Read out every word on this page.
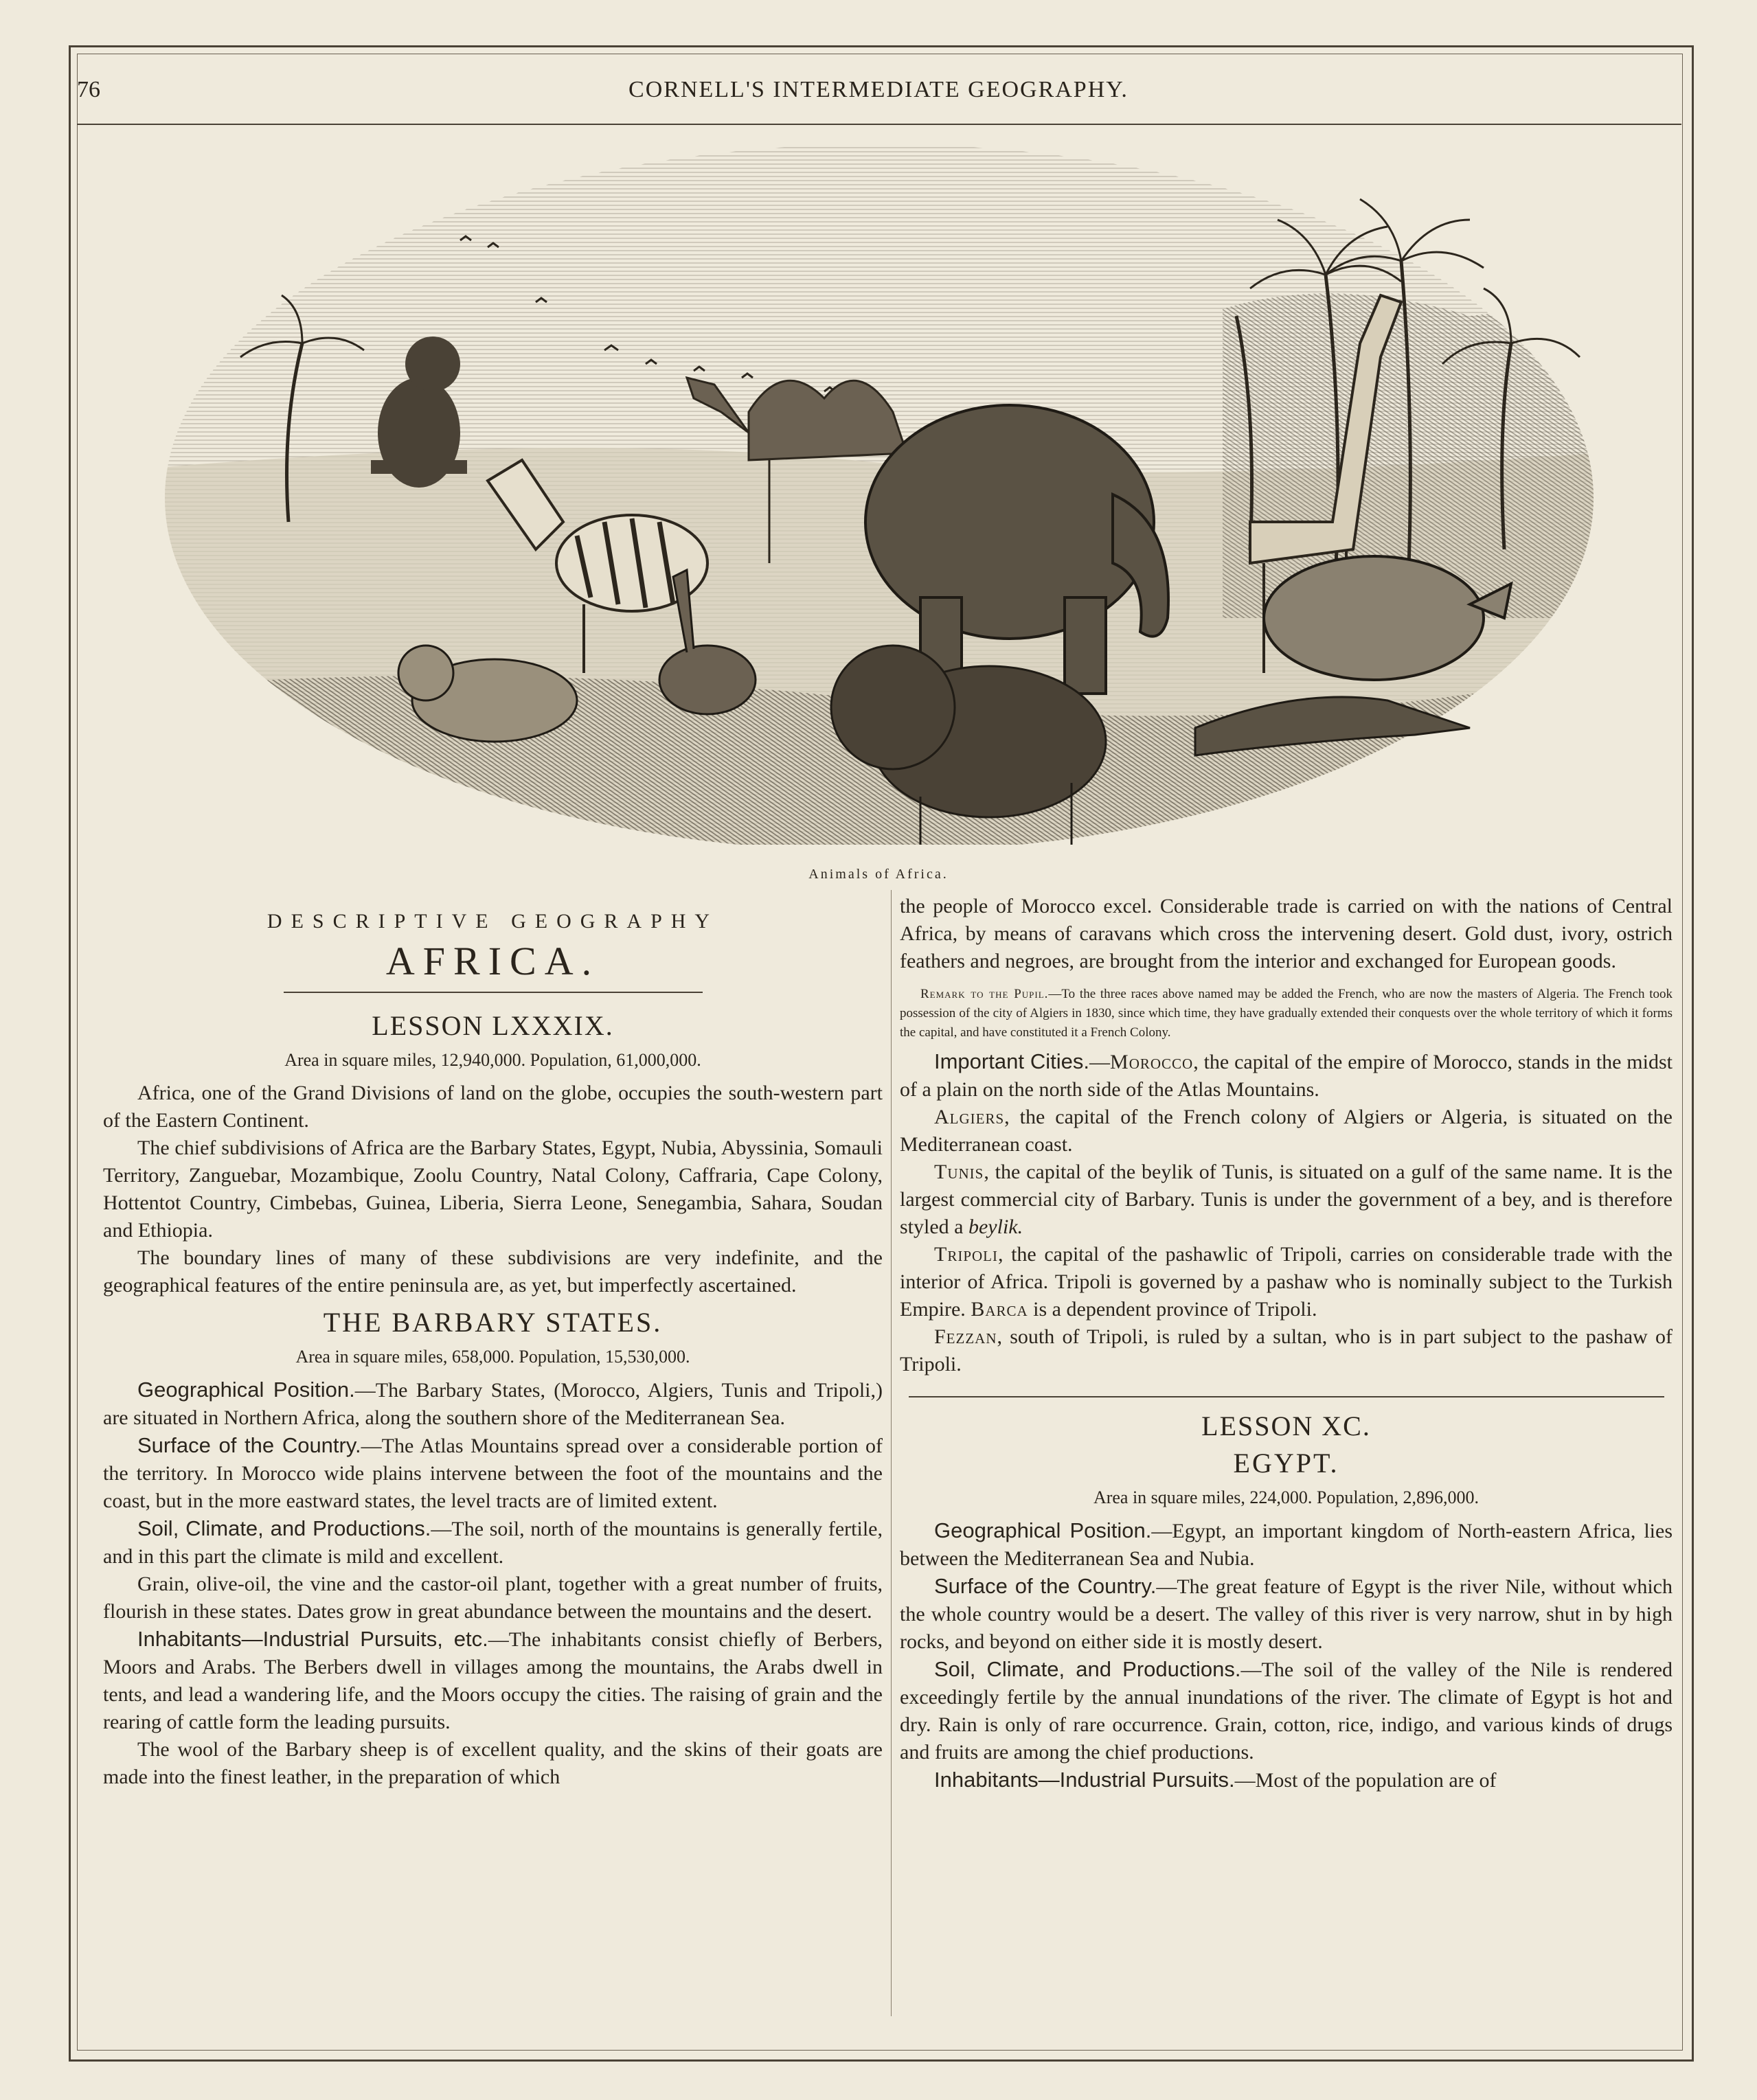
76	CORNELL'S INTERMEDIATE GEOGRAPHY.
Animals of Africa.
DESCRIPTIVE GEOGRAPHY
AFRICA.
LESSON LXXXIX.
Area in square miles, 12,940,000. Population, 61,000,000.

Africa, one of the Grand Divisions of land on the globe, occupies the south-western part of the Eastern Continent.

The chief subdivisions of Africa are the Barbary States, Egypt, Nubia, Abyssinia, Somauli Territory, Zanguebar, Mozambique, Zoolu Country, Natal Colony, Caffraria, Cape Colony, Hottentot Country, Cimbebas, Guinea, Liberia, Sierra Leone, Senegambia, Sahara, Soudan and Ethiopia.

The boundary lines of many of these subdivisions are very indefinite, and the geographical features of the entire peninsula are, as yet, but imperfectly ascertained.

THE BARBARY STATES.
Area in square miles, 658,000. Population, 15,530,000.

Geographical Position.—The Barbary States, (Morocco, Algiers, Tunis and Tripoli,) are situated in Northern Africa, along the southern shore of the Mediterranean Sea.

Surface of the Country.—The Atlas Mountains spread over a considerable portion of the territory. In Morocco wide plains intervene between the foot of the mountains and the coast, but in the more eastward states, the level tracts are of limited extent.

Soil, Climate, and Productions.—The soil, north of the mountains is generally fertile, and in this part the climate is mild and excellent.

Grain, olive-oil, the vine and the castor-oil plant, together with a great number of fruits, flourish in these states. Dates grow in great abundance between the mountains and the desert.

Inhabitants—Industrial Pursuits, etc.—The inhabitants consist chiefly of Berbers, Moors and Arabs. The Berbers dwell in villages among the mountains, the Arabs dwell in tents, and lead a wandering life, and the Moors occupy the cities. The raising of grain and the rearing of cattle form the leading pursuits.

The wool of the Barbary sheep is of excellent quality, and the skins of their goats are made into the finest leather, in the preparation of which

the people of Morocco excel. Considerable trade is carried on with the nations of Central Africa, by means of caravans which cross the intervening desert. Gold dust, ivory, ostrich feathers and negroes, are brought from the interior and exchanged for European goods.

Remark to the Pupil.—To the three races above named may be added the French, who are now the masters of Algeria. The French took possession of the city of Algiers in 1830, since which time, they have gradually extended their conquests over the whole territory of which it forms the capital, and have constituted it a French Colony.

Important Cities.—Morocco, the capital of the empire of Morocco, stands in the midst of a plain on the north side of the Atlas Mountains.

Algiers, the capital of the French colony of Algiers or Algeria, is situated on the Mediterranean coast.

Tunis, the capital of the beylik of Tunis, is situated on a gulf of the same name. It is the largest commercial city of Barbary. Tunis is under the government of a bey, and is therefore styled a beylik.

Tripoli, the capital of the pashawlic of Tripoli, carries on considerable trade with the interior of Africa. Tripoli is governed by a pashaw who is nominally subject to the Turkish Empire. Barca is a dependent province of Tripoli.

Fezzan, south of Tripoli, is ruled by a sultan, who is in part subject to the pashaw of Tripoli.

LESSON XC.
EGYPT.
Area in square miles, 224,000. Population, 2,896,000.

Geographical Position.—Egypt, an important kingdom of North-eastern Africa, lies between the Mediterranean Sea and Nubia.

Surface of the Country.—The great feature of Egypt is the river Nile, without which the whole country would be a desert. The valley of this river is very narrow, shut in by high rocks, and beyond on either side it is mostly desert.

Soil, Climate, and Productions.—The soil of the valley of the Nile is rendered exceedingly fertile by the annual inundations of the river. The climate of Egypt is hot and dry. Rain is only of rare occurrence. Grain, cotton, rice, indigo, and various kinds of drugs and fruits are among the chief productions.

Inhabitants—Industrial Pursuits.—Most of the population are of
